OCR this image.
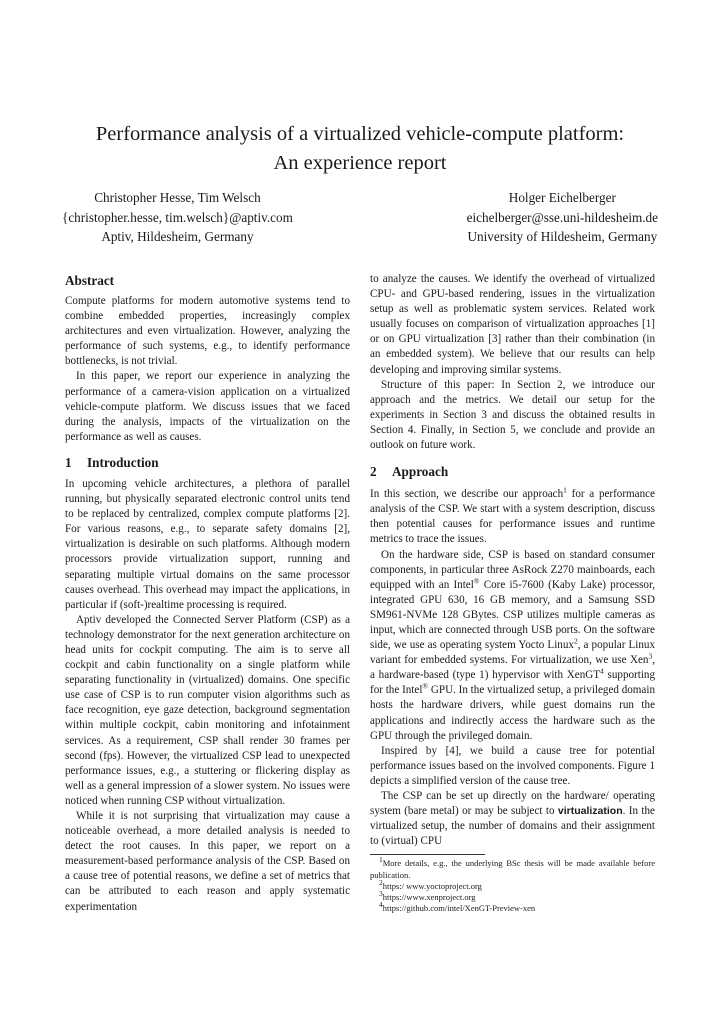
Performance analysis of a virtualized vehicle-compute platform:
An experience report
Christopher Hesse, Tim Welsch
{christopher.hesse, tim.welsch}@aptiv.com
Aptiv, Hildesheim, Germany
Holger Eichelberger
eichelberger@sse.uni-hildesheim.de
University of Hildesheim, Germany
Abstract

Compute platforms for modern automotive systems tend to combine embedded properties, increasingly complex architectures and even virtualization. However, analyzing the performance of such systems, e.g., to identify performance bottlenecks, is not trivial.

In this paper, we report our experience in analyzing the performance of a camera-vision application on a virtualized vehicle-compute platform. We discuss issues that we faced during the analysis, impacts of the virtualization on the performance as well as causes.

1 Introduction

In upcoming vehicle architectures, a plethora of parallel running, but physically separated electronic control units tend to be replaced by centralized, complex compute platforms [2]. For various reasons, e.g., to separate safety domains [2], virtualization is desirable on such platforms. Although modern processors provide virtualization support, running and separating multiple virtual domains on the same processor causes overhead. This overhead may impact the applications, in particular if (soft-)realtime processing is required.

Aptiv developed the Connected Server Platform (CSP) as a technology demonstrator for the next generation architecture on head units for cockpit computing. The aim is to serve all cockpit and cabin functionality on a single platform while separating functionality in (virtualized) domains. One specific use case of CSP is to run computer vision algorithms such as face recognition, eye gaze detection, background segmentation within multiple cockpit, cabin monitoring and infotainment services. As a requirement, CSP shall render 30 frames per second (fps). However, the virtualized CSP lead to unexpected performance issues, e.g., a stuttering or flickering display as well as a general impression of a slower system. No issues were noticed when running CSP without virtualization.

While it is not surprising that virtualization may cause a noticeable overhead, a more detailed analysis is needed to detect the root causes. In this paper, we report on a measurement-based performance analysis of the CSP. Based on a cause tree of potential reasons, we define a set of metrics that can be attributed to each reason and apply systematic experimentation

to analyze the causes. We identify the overhead of virtualized CPU- and GPU-based rendering, issues in the virtualization setup as well as problematic system services. Related work usually focuses on comparison of virtualization approaches [1] or on GPU virtualization [3] rather than their combination (in an embedded system). We believe that our results can help developing and improving similar systems.

Structure of this paper: In Section 2, we introduce our approach and the metrics. We detail our setup for the experiments in Section 3 and discuss the obtained results in Section 4. Finally, in Section 5, we conclude and provide an outlook on future work.

2 Approach

In this section, we describe our approach$^1$ for a performance analysis of the CSP. We start with a system description, discuss then potential causes for performance issues and runtime metrics to trace the issues.

On the hardware side, CSP is based on standard consumer components, in particular three AsRock Z270 mainboards, each equipped with an Intel® Core i5-7600 (Kaby Lake) processor, integrated GPU 630, 16 GB memory, and a Samsung SSD SM961-NVMe 128 GBytes. CSP utilizes multiple cameras as input, which are connected through USB ports. On the software side, we use as operating system Yocto Linux$^2$, a popular Linux variant for embedded systems. For virtualization, we use Xen$^3$, a hardware-based (type 1) hypervisor with XenGT$^4$ supporting for the Intel® GPU. In the virtualized setup, a privileged domain hosts the hardware drivers, while guest domains run the applications and indirectly access the hardware such as the GPU through the privileged domain.

Inspired by [4], we build a cause tree for potential performance issues based on the involved components. Figure 1 depicts a simplified version of the cause tree.

The CSP can be set up directly on the hardware/ operating system (bare metal) or may be subject to virtualization. In the virtualized setup, the number of domains and their assignment to (virtual) CPU

$^1$More details, e.g., the underlying BSc thesis will be made available before publication.
$^2$https:/ www.yoctoproject.org
$^3$https://www.xenproject.org
$^4$https://github.com/intel/XenGT-Preview-xen
